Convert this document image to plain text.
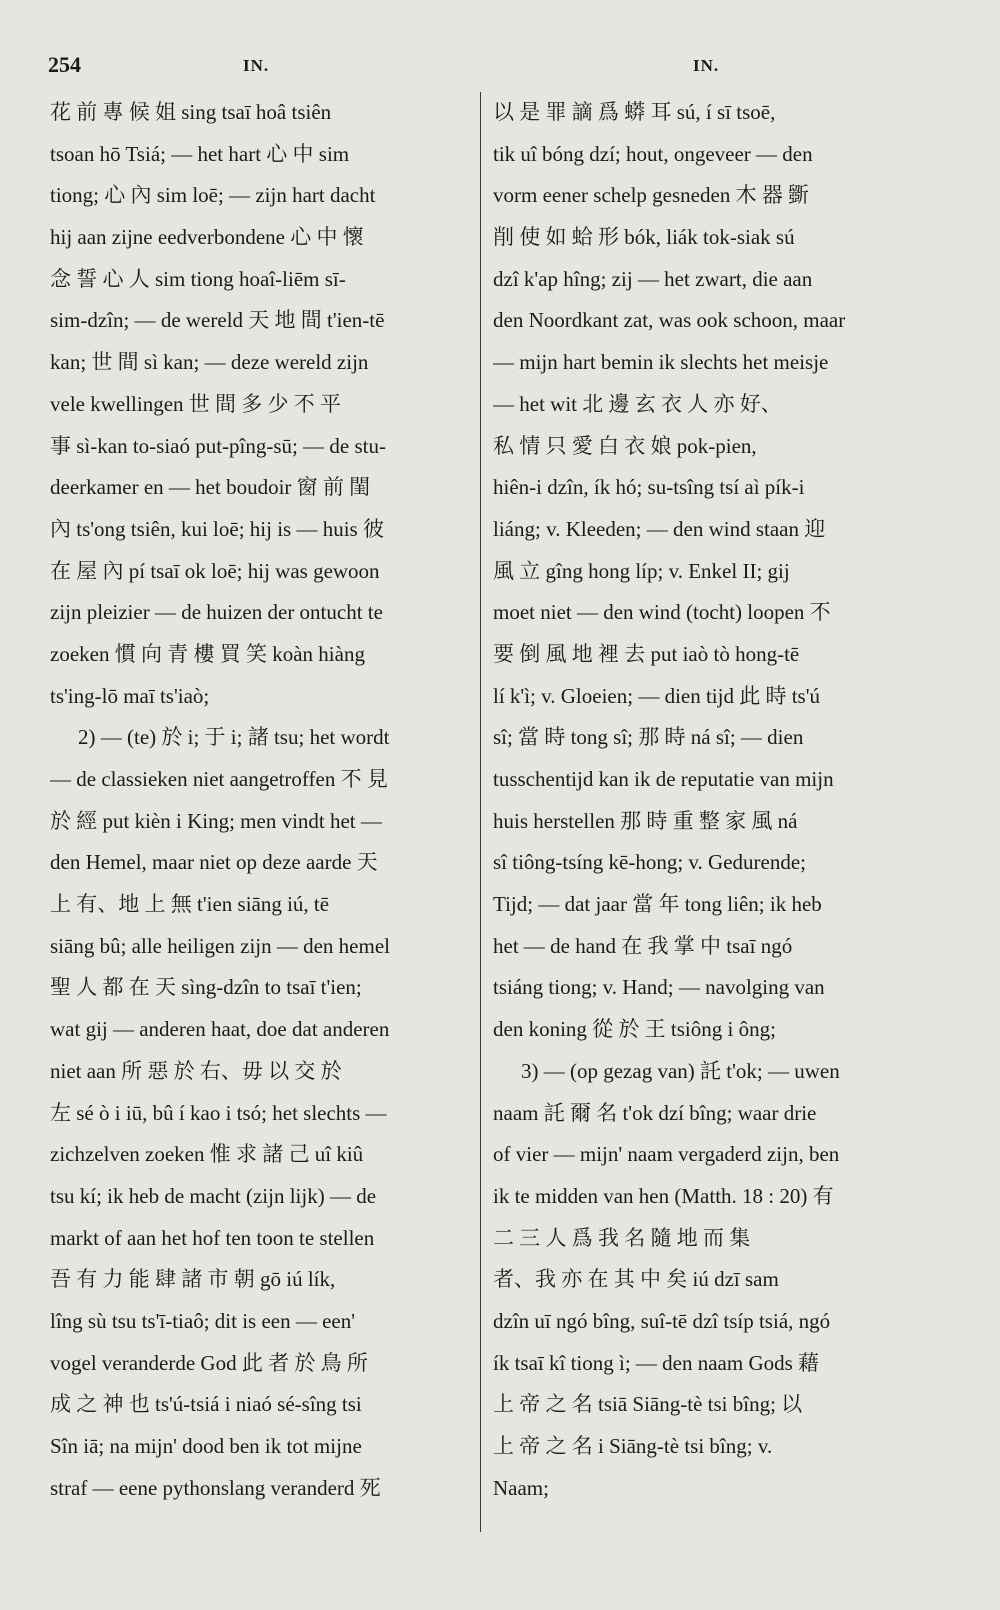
254	IN.	IN.
花 前 專 候 姐 sing tsaī hoâ tsiên
tsoan hō Tsiá; — het hart 心 中 sim
tiong; 心 內 sim loē; — zijn hart dacht
hij aan zijne eedverbondene 心 中 懷
念 誓 心 人 sim tiong hoaî-liēm sī-
sim-dzîn; — de wereld 天 地 間 t'ien-tē
kan; 世 間 sì kan; — deze wereld zijn
vele kwellingen 世 間 多 少 不 平
事 sì-kan to-siaó put-pîng-sū; — de stu-
deerkamer en — het boudoir 窗 前 閨
內 ts'ong tsiên, kui loē; hij is — huis 彼
在 屋 內 pí tsaī ok loē; hij was gewoon
zijn pleizier — de huizen der ontucht te
zoeken 慣 向 青 樓 買 笑 koàn hiàng
ts'ing-lō maī ts'iaò;
2) — (te) 於 i; 于 i; 諸 tsu; het wordt
— de classieken niet aangetroffen 不 見
於 經 put kièn i King; men vindt het —
den Hemel, maar niet op deze aarde 天
上 有、地 上 無 t'ien siāng iú, tē
siāng bû; alle heiligen zijn — den hemel
聖 人 都 在 天 sìng-dzîn to tsaī t'ien;
wat gij — anderen haat, doe dat anderen
niet aan 所 惡 於 右、毋 以 交 於
左 sé ò i iū, bû í kao i tsó; het slechts —
zichzelven zoeken 惟 求 諸 己 uî kiû
tsu kí; ik heb de macht (zijn lijk) — de
markt of aan het hof ten toon te stellen
吾 有 力 能 肆 諸 市 朝 gō iú lík,
lîng sù tsu ts'ī-tiaô; dit is een — een'
vogel veranderde God 此 者 於 鳥 所
成 之 神 也 ts'ú-tsiá i niaó sé-sîng tsi
Sîn iā; na mijn' dood ben ik tot mijne
straf — eene pythonslang veranderd 死
以 是 罪 謫 爲 蟒 耳 sú, í sī tsoē,
tik uî bóng dzí; hout, ongeveer — den
vorm eener schelp gesneden 木 器 斵
削 使 如 蛤 形 bók, liák tok-siak sú
dzî k'ap hîng; zij — het zwart, die aan
den Noordkant zat, was ook schoon, maar
— mijn hart bemin ik slechts het meisje
— het wit 北 邊 玄 衣 人 亦 好、
私 情 只 愛 白 衣 娘 pok-pien,
hiên-i dzîn, ík hó; su-tsîng tsí aì pík-i
liáng; v. Kleeden; — den wind staan 迎
風 立 gîng hong líp; v. Enkel II; gij
moet niet — den wind (tocht) loopen 不
要 倒 風 地 裡 去 put iaò tò hong-tē
lí k'ì; v. Gloeien; — dien tijd 此 時 ts'ú
sî; 當 時 tong sî; 那 時 ná sî; — dien
tusschentijd kan ik de reputatie van mijn
huis herstellen 那 時 重 整 家 風 ná
sî tiông-tsíng kē-hong; v. Gedurende;
Tijd; — dat jaar 當 年 tong liên; ik heb
het — de hand 在 我 掌 中 tsaī ngó
tsiáng tiong; v. Hand; — navolging van
den koning 從 於 王 tsiông i ông;
3) — (op gezag van) 託 t'ok; — uwen
naam 託 爾 名 t'ok dzí bîng; waar drie
of vier — mijn' naam vergaderd zijn, ben
ik te midden van hen (Matth. 18 : 20) 有
二 三 人 爲 我 名 隨 地 而 集
者、我 亦 在 其 中 矣 iú dzī sam
dzîn uī ngó bîng, suî-tē dzî tsíp tsiá, ngó
ík tsaī kî tiong ì; — den naam Gods 藉
上 帝 之 名 tsiā Siāng-tè tsi bîng; 以
上 帝 之 名 i Siāng-tè tsi bîng; v.
Naam;
